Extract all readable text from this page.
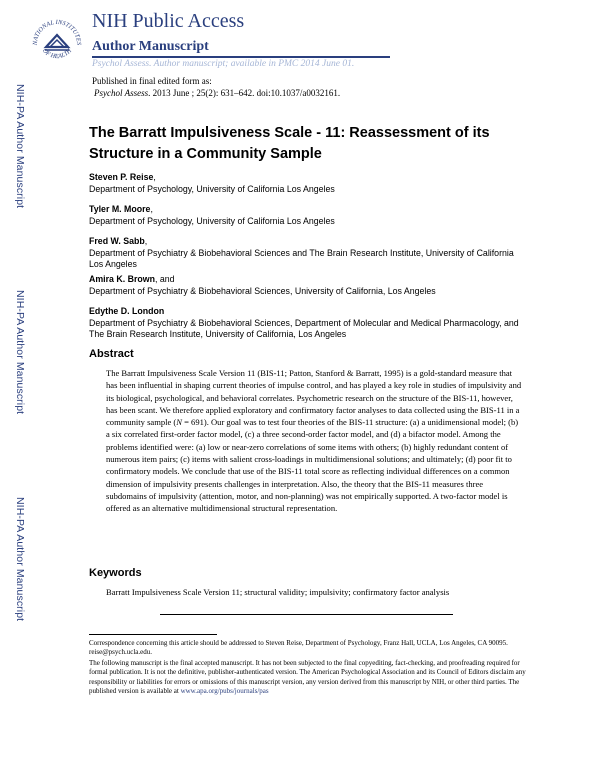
NATIONAL INSTITUTES
OF HEALTH
NIH Public Access
Author Manuscript
Psychol Assess. Author manuscript; available in PMC 2014 June 01.
Published in final edited form as:
Psychol Assess. 2013 June ; 25(2): 631–642. doi:10.1037/a0032161.
NIH-PA Author Manuscript
NIH-PA Author Manuscript
NIH-PA Author Manuscript
The Barratt Impulsiveness Scale - 11: Reassessment of its Structure in a Community Sample
Steven P. Reise,
Department of Psychology, University of California Los Angeles
Tyler M. Moore,
Department of Psychology, University of California Los Angeles
Fred W. Sabb,
Department of Psychiatry & Biobehavioral Sciences and The Brain Research Institute, University of California Los Angeles
Amira K. Brown, and
Department of Psychiatry & Biobehavioral Sciences, University of California, Los Angeles
Edythe D. London
Department of Psychiatry & Biobehavioral Sciences, Department of Molecular and Medical Pharmacology, and The Brain Research Institute, University of California, Los Angeles
Abstract
The Barratt Impulsiveness Scale Version 11 (BIS-11; Patton, Stanford & Barratt, 1995) is a gold-standard measure that has been influential in shaping current theories of impulse control, and has played a key role in studies of impulsivity and its biological, psychological, and behavioral correlates. Psychometric research on the structure of the BIS-11, however, has been scant. We therefore applied exploratory and confirmatory factor analyses to data collected using the BIS-11 in a community sample (N = 691). Our goal was to test four theories of the BIS-11 structure: (a) a unidimensional model; (b) a six correlated first-order factor model, (c) a three second-order factor model, and (d) a bifactor model. Among the problems identified were: (a) low or near-zero correlations of some items with others; (b) highly redundant content of numerous item pairs; (c) items with salient cross-loadings in multidimensional solutions; and ultimately; (d) poor fit to confirmatory models. We conclude that use of the BIS-11 total score as reflecting individual differences on a common dimension of impulsivity presents challenges in interpretation. Also, the theory that the BIS-11 measures three subdomains of impulsivity (attention, motor, and non-planning) was not empirically supported. A two-factor model is offered as an alternative multidimensional structural representation.
Keywords
Barratt Impulsiveness Scale Version 11; structural validity; impulsivity; confirmatory factor analysis
Correspondence concerning this article should be addressed to Steven Reise, Department of Psychology, Franz Hall, UCLA, Los Angeles, CA 90095. reise@psych.ucla.edu.
The following manuscript is the final accepted manuscript. It has not been subjected to the final copyediting, fact-checking, and proofreading required for formal publication. It is not the definitive, publisher-authenticated version. The American Psychological Association and its Council of Editors disclaim any responsibility or liabilities for errors or omissions of this manuscript version, any version derived from this manuscript by NIH, or other third parties. The published version is available at www.apa.org/pubs/journals/pas
